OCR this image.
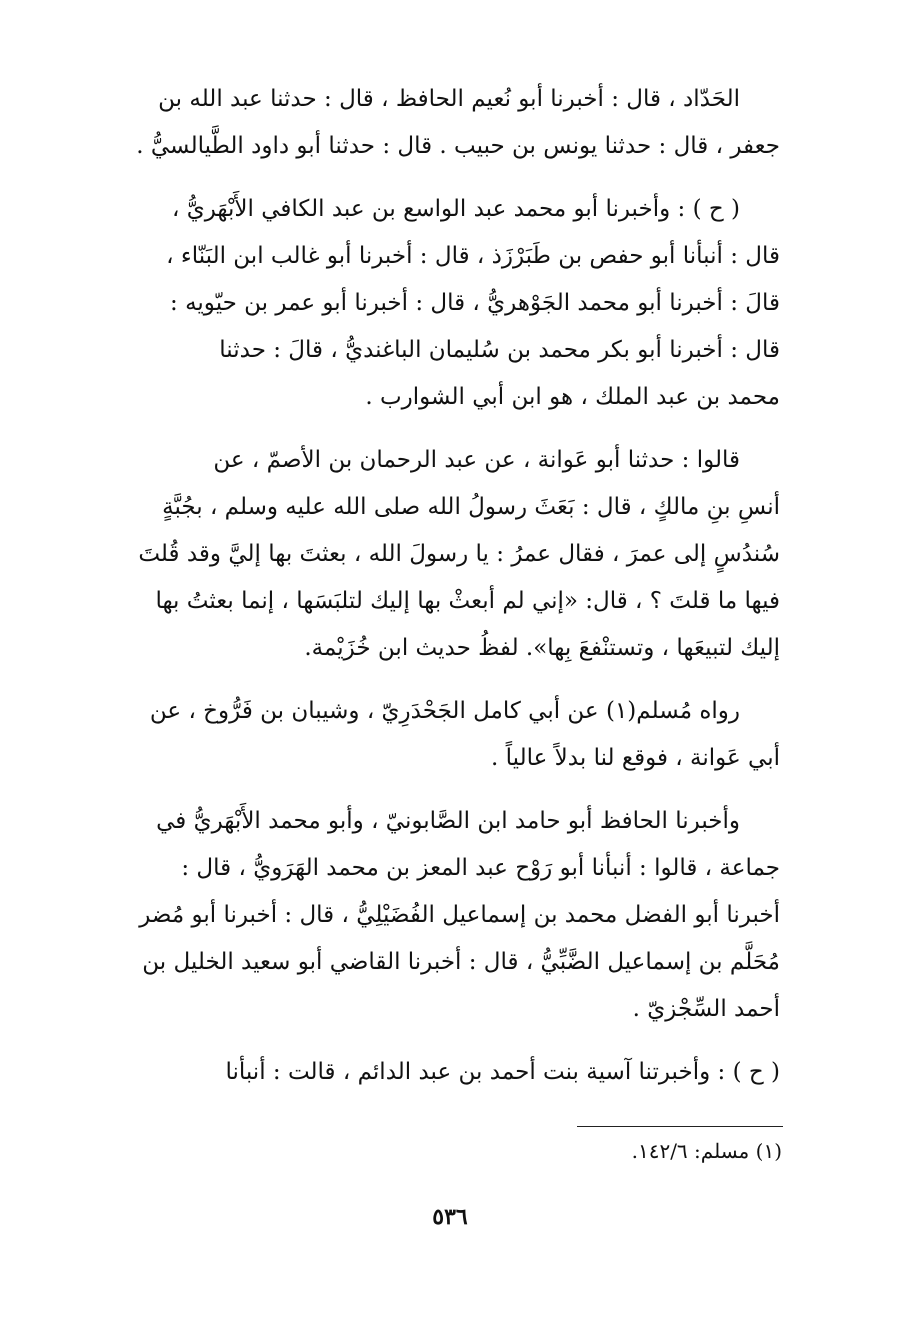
الحَدّاد ، قال : أخبرنا أبو نُعيم الحافظ ، قال : حدثنا عبد الله بن
جعفر ، قال : حدثنا يونس بن حبيب . قال : حدثنا أبو داود الطَّيالسيُّ .
( ح ) : وأخبرنا أبو محمد عبد الواسع بن عبد الكافي الأَبْهَريُّ ،
قال : أنبأنا أبو حفص بن طَبَرْزَذ ، قال : أخبرنا أبو غالب ابن البَنّاء ،
قالَ : أخبرنا أبو محمد الجَوْهريُّ ، قال : أخبرنا أبو عمر بن حيّويه :
قال : أخبرنا أبو بكر محمد بن سُليمان الباغنديُّ ، قالَ : حدثنا
محمد بن عبد الملك ، هو ابن أبي الشوارب .
قالوا : حدثنا أبو عَوانة ، عن عبد الرحمان بن الأصمّ ، عن
أنسِ بنِ مالكٍ ، قال : بَعَثَ رسولُ الله صلى الله عليه وسلم ، بجُبَّةٍ
سُندُسٍ إلى عمرَ ، فقال عمرُ : يا رسولَ الله ، بعثتَ بها إليَّ وقد قُلتَ
فيها ما قلتَ ؟ ، قال: «إني لم أبعثْ بها إليك لتلبَسَها ، إنما بعثتُ بها
إليك لتبيعَها ، وتستنْفعَ بِها». لفظُ حديث ابن خُزَيْمة.
رواه مُسلم(١) عن أبي كامل الجَحْدَرِيّ ، وشيبان بن فَرُّوخ ، عن
أبي عَوانة ، فوقع لنا بدلاً عالياً .
وأخبرنا الحافظ أبو حامد ابن الصَّابونيّ ، وأبو محمد الأَبْهَريُّ في
جماعة ، قالوا : أنبأنا أبو رَوْح عبد المعز بن محمد الهَرَويُّ ، قال :
أخبرنا أبو الفضل محمد بن إسماعيل الفُضَيْلِيُّ ، قال : أخبرنا أبو مُضر
مُحَلَّم بن إسماعيل الضَّبِّيُّ ، قال : أخبرنا القاضي أبو سعيد الخليل بن
أحمد السِّجْزيّ .
( ح ) : وأخبرتنا آسية بنت أحمد بن عبد الدائم ، قالت : أنبأنا
(١) مسلم: ١٤٢/٦.
٥٣٦
